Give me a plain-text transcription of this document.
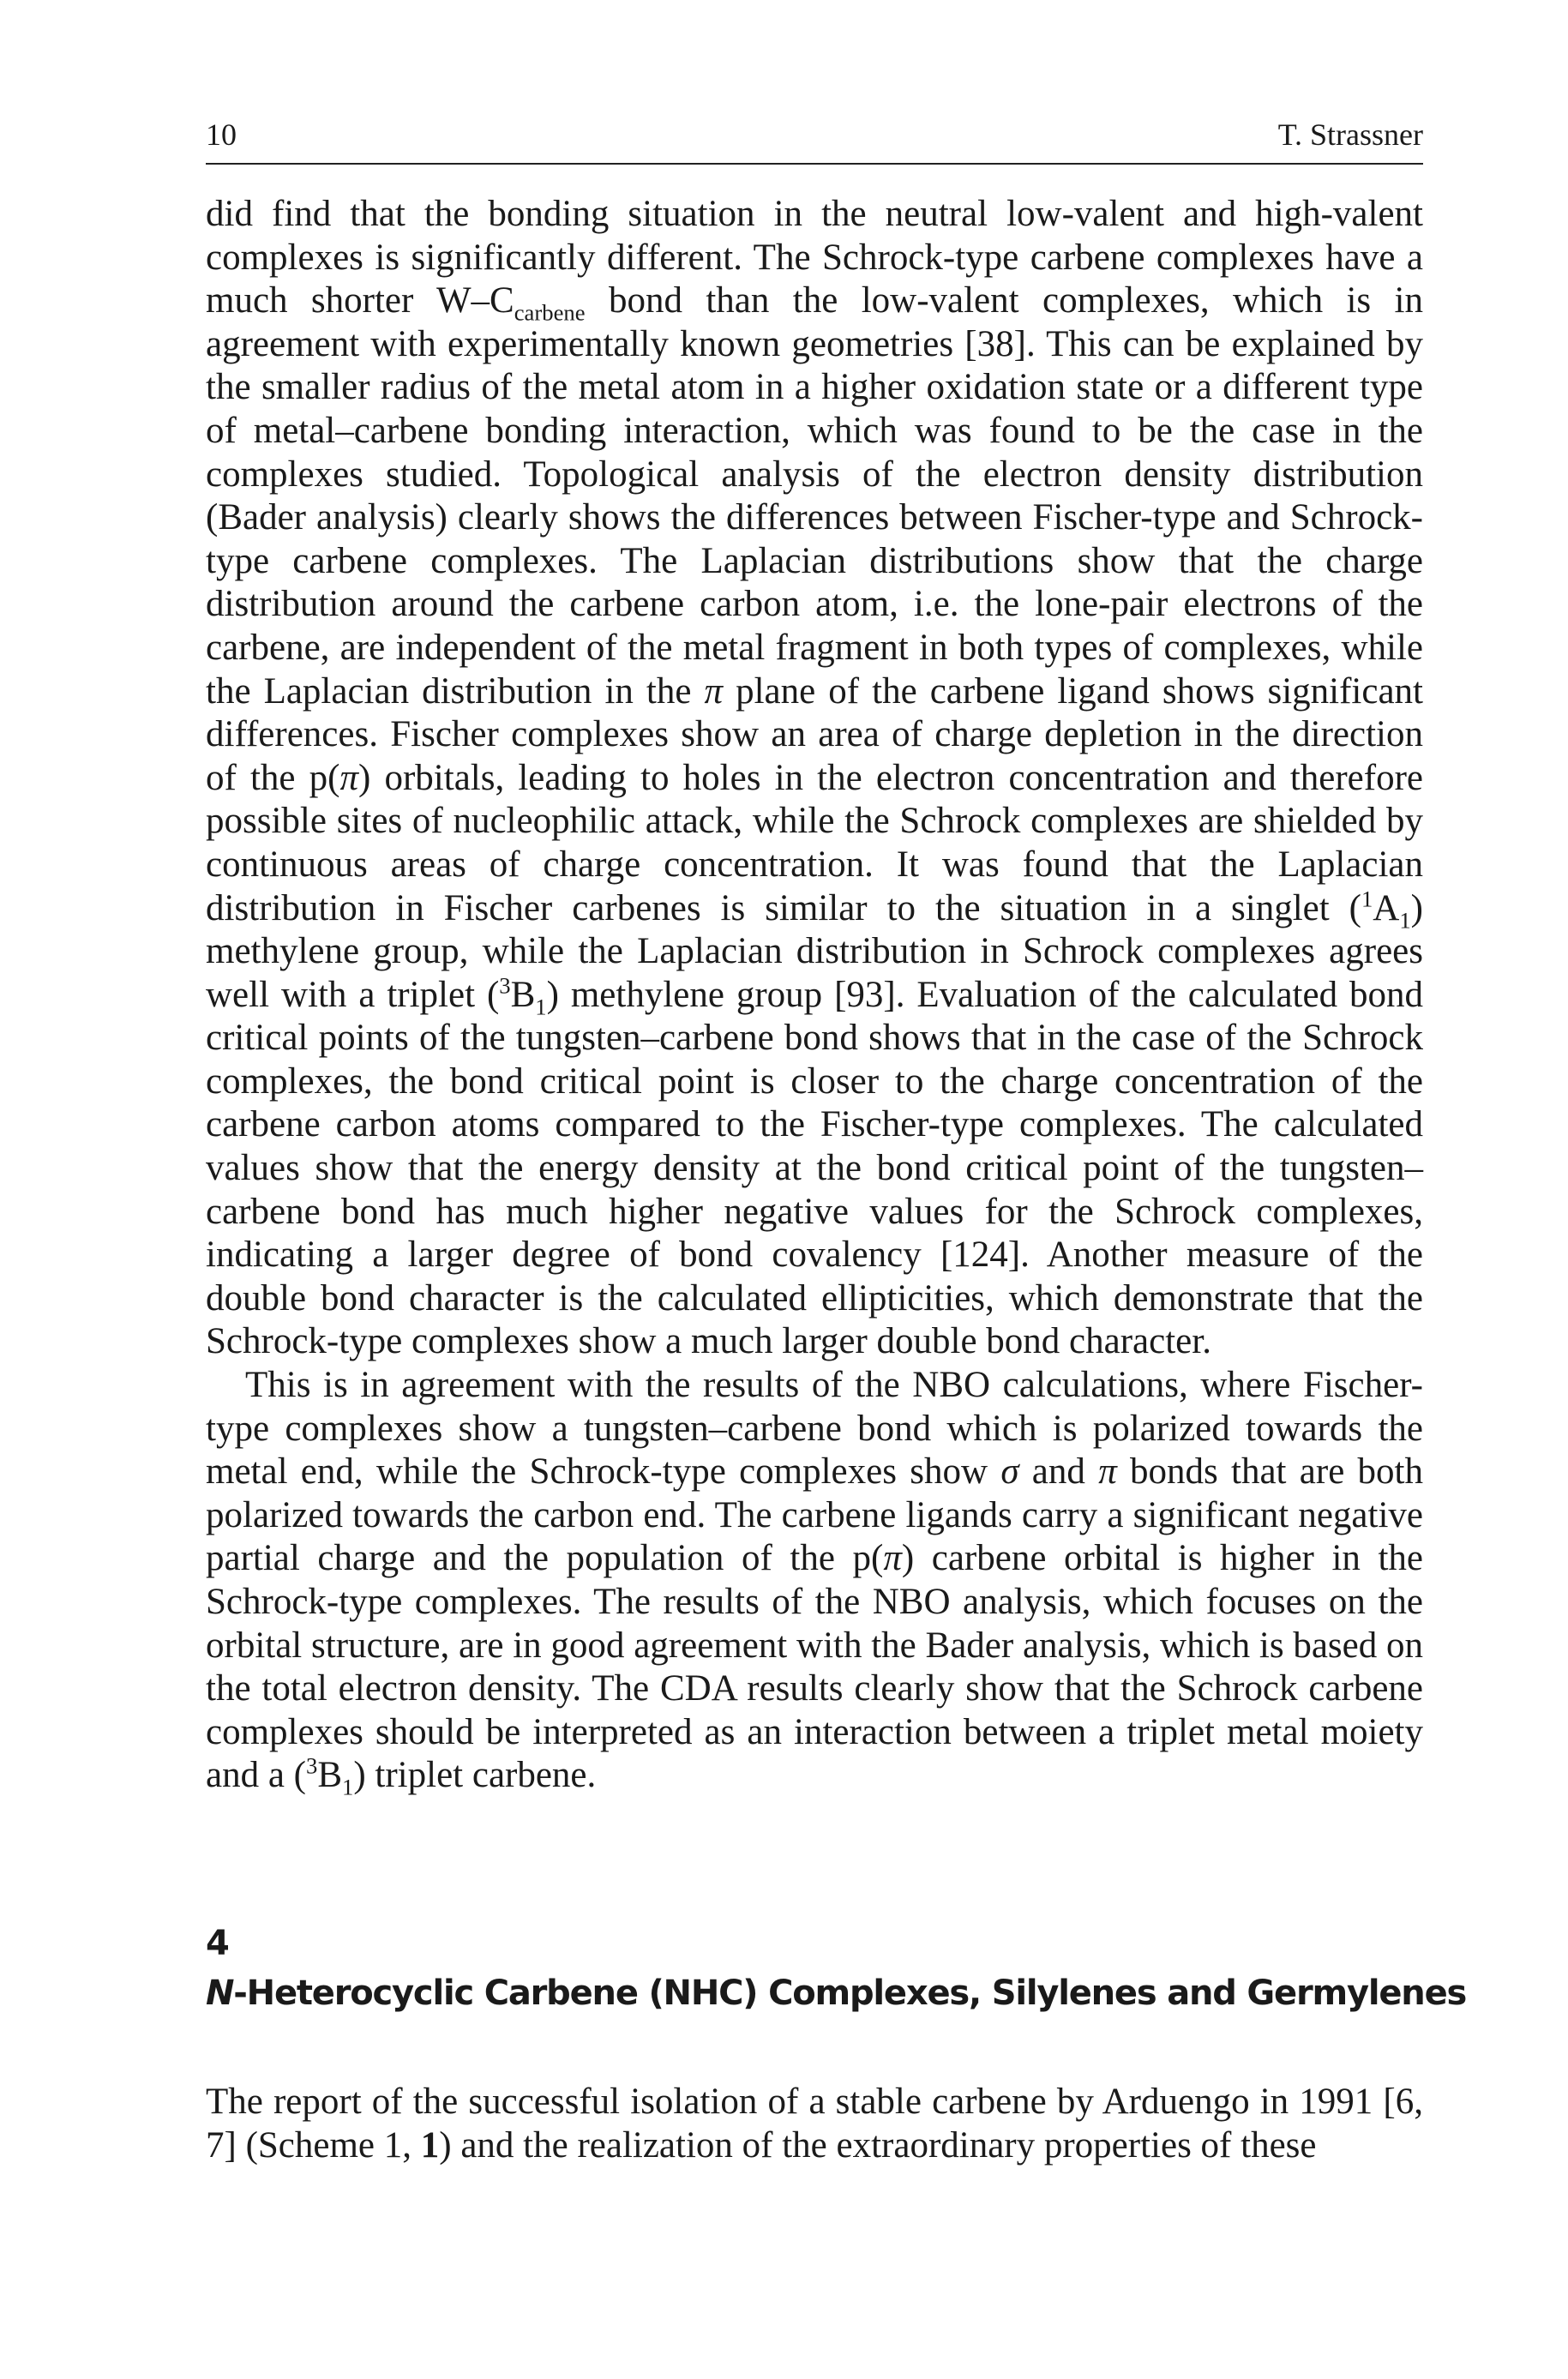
10	T. Strassner

did find that the bonding situation in the neutral low-valent and high-valent complexes is significantly different. The Schrock-type carbene complexes have a much shorter $W-C_{carbene}$ bond than the low-valent complexes, which is in agreement with experimentally known geometries [38]. This can be explained by the smaller radius of the metal atom in a higher oxidation state or a different type of metal–carbene bonding interaction, which was found to be the case in the complexes studied. Topological analysis of the electron density distribution (Bader analysis) clearly shows the differences between Fischer-type and Schrock-type carbene complexes. The Laplacian distributions show that the charge distribution around the carbene carbon atom, i.e. the lone-pair electrons of the carbene, are independent of the metal fragment in both types of complexes, while the Laplacian distribution in the π plane of the carbene ligand shows significant differences. Fischer complexes show an area of charge depletion in the direction of the p(π) orbitals, leading to holes in the electron concentration and therefore possible sites of nucleophilic attack, while the Schrock complexes are shielded by continuous areas of charge concentration. It was found that the Laplacian distribution in Fischer carbenes is similar to the situation in a singlet $(^1A_1)$ methylene group, while the Laplacian distribution in Schrock complexes agrees well with a triplet $(^3B_1)$ methylene group [93]. Evaluation of the calculated bond critical points of the tungsten–carbene bond shows that in the case of the Schrock complexes, the bond critical point is closer to the charge concentration of the carbene carbon atoms compared to the Fischer-type complexes. The calculated values show that the energy density at the bond critical point of the tungsten–carbene bond has much higher negative values for the Schrock complexes, indicating a larger degree of bond covalency [124]. Another measure of the double bond character is the calculated ellipticities, which demonstrate that the Schrock-type complexes show a much larger double bond character.

This is in agreement with the results of the NBO calculations, where Fischer-type complexes show a tungsten–carbene bond which is polarized towards the metal end, while the Schrock-type complexes show σ and π bonds that are both polarized towards the carbon end. The carbene ligands carry a significant negative partial charge and the population of the p(π) carbene orbital is higher in the Schrock-type complexes. The results of the NBO analysis, which focuses on the orbital structure, are in good agreement with the Bader analysis, which is based on the total electron density. The CDA results clearly show that the Schrock carbene complexes should be interpreted as an interaction between a triplet metal moiety and a $(^3B_1)$ triplet carbene.

4
N-Heterocyclic Carbene (NHC) Complexes, Silylenes and Germylenes

The report of the successful isolation of a stable carbene by Arduengo in 1991 [6, 7] (Scheme 1, 1) and the realization of the extraordinary properties of these
